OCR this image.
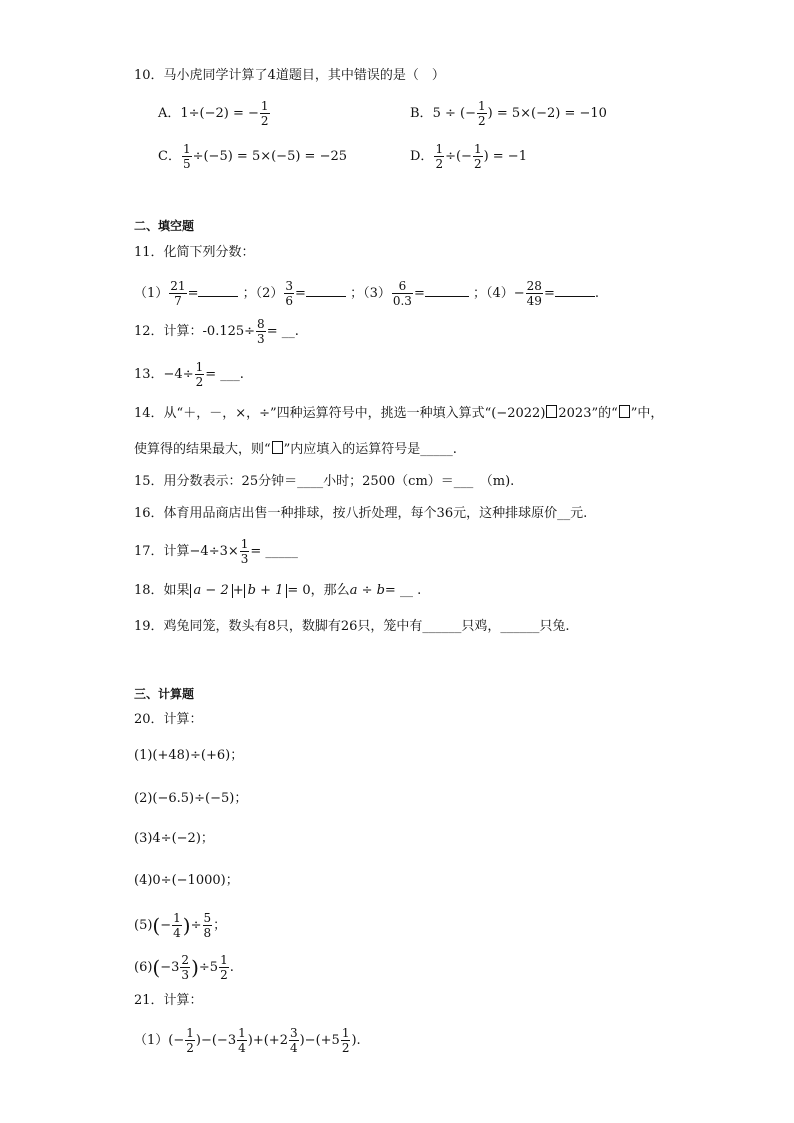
10．马小虎同学计算了4道题目，其中错误的是（　）
A．1÷(−2) = − $\frac{1}{2}$	B．5 ÷ (− $\frac{1}{2}$ ) = 5×(−2) = −10
C． $\frac{1}{5} \div(-5) = 5\times(-5) = -25$	D． $\frac{1}{2}$ ÷(− $\frac{1}{2}$ ) = −1
二、填空题
11．化简下列分数：
$(1) \frac{21}{7}$ =	；$(2) \frac{3}{6}$ =	；$(3) \frac{6}{0.3}$ =	；$(4)- \frac{28}{49}$ =	.
12．计算：$-0.125\div \frac{8}{3}$ = __.
13．$-4\div \frac{1}{2}$ = ___.
14．从“＋，－，×，÷”四种运算符号中，挑选一种填入算式“(−2022) 2023”的“ ”中，
使算得的结果最大，则“ ”内应填入的运算符号是_____.
15．用分数表示：25分钟＝____小时；2500（cm）＝___　（m).
16．体育用品商店出售一种排球，按八折处理，每个36元，这种排球原价__元.
17．计算$-4\div 3\times \frac{1}{3}$ = _____
18．如果 a − 2 + b + 1 = 0，那么a ÷ b= __ .
19．鸡兔同笼，数头有8只，数脚有26只，笼中有______只鸡，______只兔.
三、计算题
20．计算：
(1)(+48)÷(+6)；
(2)(−6.5)÷(−5)；
(3)4÷(−2)；
(4)0÷(−1000)；
$(5)(- \frac{1}{4}$ )÷ $\frac{5}{8}$ ；
$(6)(-3 \frac{2}{3} )\div 5 \frac{1}{2}$ .
21．计算：
$(1)(- \frac{1}{2} )-(-3 \frac{1}{4} )+(+2 \frac{3}{4} )-(+5 \frac{1}{2}$ ).
